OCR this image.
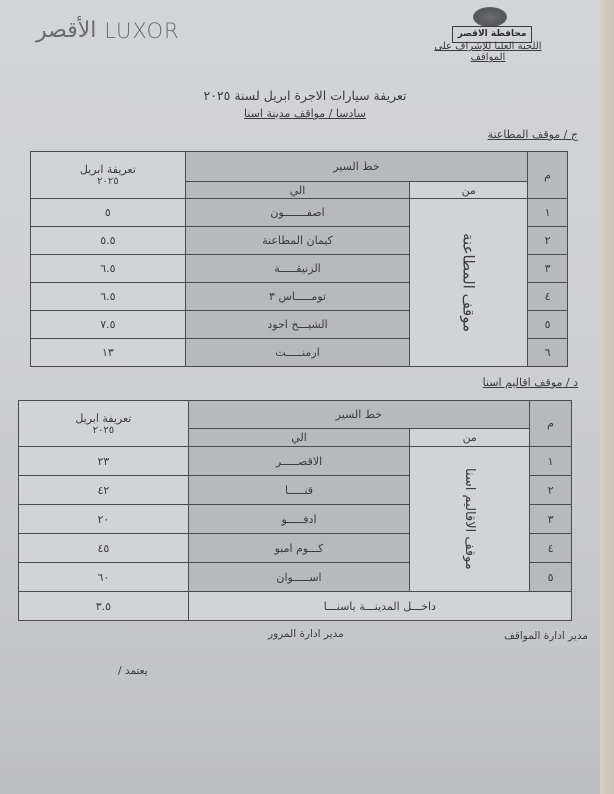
الأقصر LUXOR	محافظة الاقصر
اللجنة العليا للإشراف على المواقف
تعريفة سيارات الاجرة ابريل لسنة ٢٠٢٥
سادسا / مواقف مدينة اسنا
ج / موقف المطاعنة
م	خط السير		تعريفة ابريل
٢٠٢٥

	من	الي	
١	موقف المطاعنة	اصفـــــــون	٥
٢		كيمان المطاعنة	٥.٥
٣		الزنيقـــــة	٦.٥
٤		تومـــــاس ٣	٦.٥
٥		الشيـــخ احود	٧.٥
٦		ارمنـــــت	١٣
د / موقف اقاليم اسنا
م	خط السير		تعريفة ابريل
٢٠٢٥

	من	الي	
١	موقف الاقاليم اسنا	الاقصـــــر	٢٣
٢		قنـــــا	٤٢
٣		ادفـــــو	٢٠
٤		كـــوم امبو	٤٥
٥		اســـــوان	٦٠
داخـــل المدينـــة باسنـــا			٣.٥
مدير ادارة المواقف
مدير ادارة المرور
يعتمد /
